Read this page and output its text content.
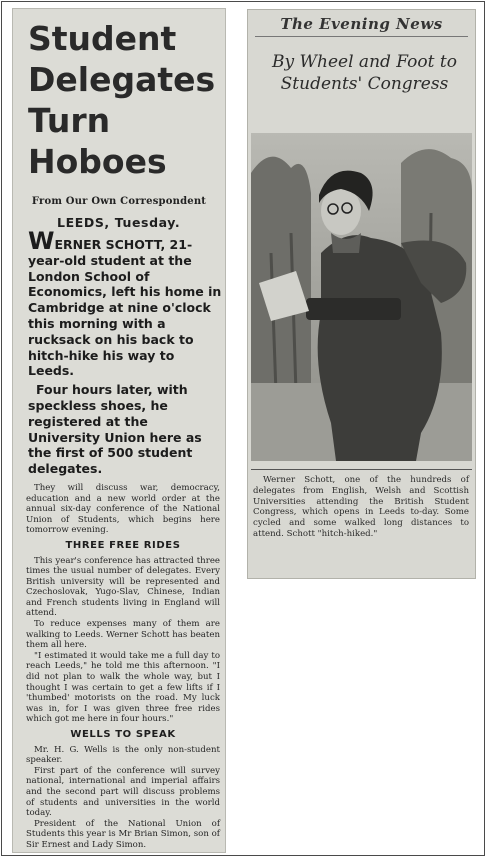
Student
Delegates
Turn
Hoboes
From Our Own Correspondent
LEEDS, Tuesday.

WERNER SCHOTT, 21-year-old student at the London School of Economics, left his home in Cambridge at nine o'clock this morning with a rucksack on his back to hitch-hike his way to Leeds.

Four hours later, with speckless shoes, he registered at the University Union here as the first of 500 student delegates.

They will discuss war, democracy, education and a new world order at the annual six-day conference of the National Union of Students, which begins here tomorrow evening.

THREE FREE RIDES

This year's conference has attracted three times the usual number of delegates. Every British university will be represented and Czechoslovak, Yugo-Slav, Chinese, Indian and French students living in England will attend.

To reduce expenses many of them are walking to Leeds. Werner Schott has beaten them all here.

"I estimated it would take me a full day to reach Leeds," he told me this afternoon. "I did not plan to walk the whole way, but I thought I was certain to get a few lifts if I 'thumbed' motorists on the road. My luck was in, for I was given three free rides which got me here in four hours."

WELLS TO SPEAK

Mr. H. G. Wells is the only non-student speaker.

First part of the conference will survey national, international and imperial affairs and the second part will discuss problems of students and universities in the world today.

President of the National Union of Students this year is Mr Brian Simon, son of Sir Ernest and Lady Simon.

The Evening News
By Wheel and Foot to
Students' Congress
Werner Schott, one of the hundreds of delegates from English, Welsh and Scottish Universities attending the British Student Congress, which opens in Leeds to-day. Some cycled and some walked long distances to attend. Schott "hitch-hiked."
